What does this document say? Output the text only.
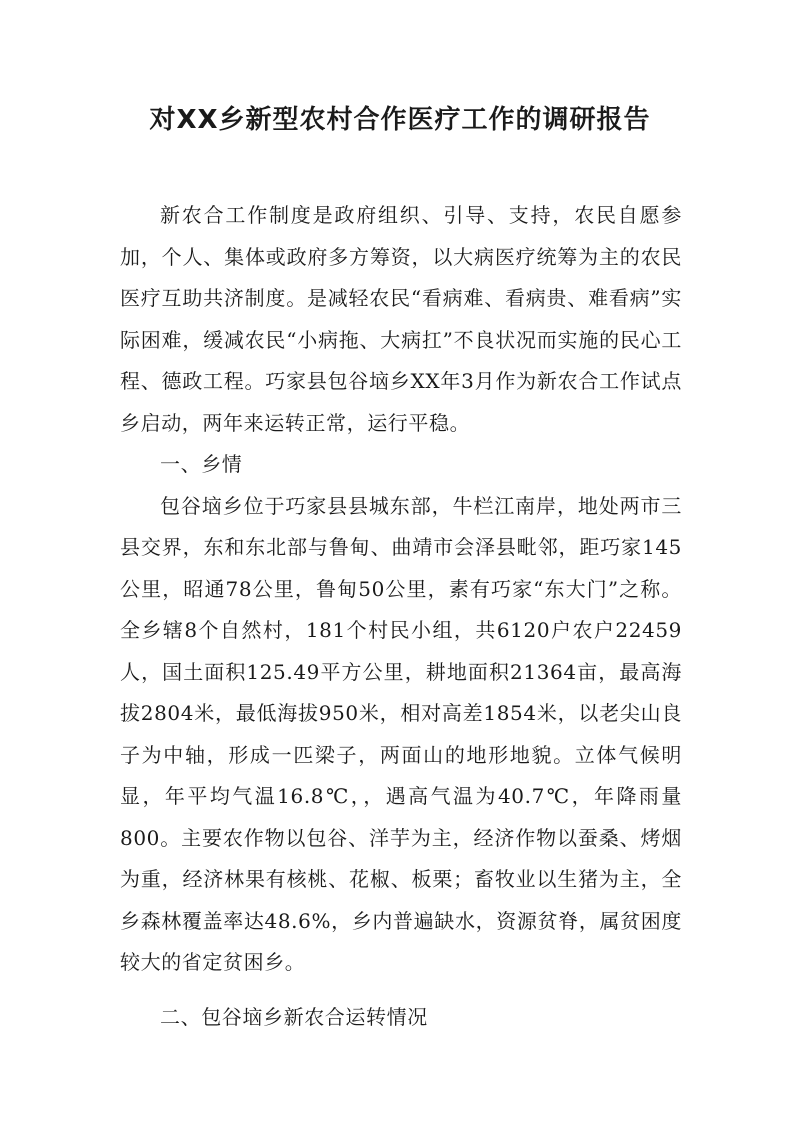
对XX乡新型农村合作医疗工作的调研报告

新农合工作制度是政府组织、引导、支持，农民自愿参加，个人、集体或政府多方筹资，以大病医疗统筹为主的农民医疗互助共济制度。是减轻农民“看病难、看病贵、难看病”实际困难，缓减农民“小病拖、大病扛”不良状况而实施的民心工程、德政工程。巧家县包谷垴乡XX年3月作为新农合工作试点乡启动，两年来运转正常，运行平稳。

一、乡情

包谷垴乡位于巧家县县城东部，牛栏江南岸，地处两市三县交界，东和东北部与鲁甸、曲靖市会泽县毗邻，距巧家145公里，昭通78公里，鲁甸50公里，素有巧家“东大门”之称。全乡辖8个自然村，181个村民小组，共6120户农户22459人，国土面积125.49平方公里，耕地面积21364亩，最高海拔2804米，最低海拔950米，相对高差1854米，以老尖山良子为中轴，形成一匹梁子，两面山的地形地貌。立体气候明显，年平均气温16.8℃，，遇高气温为40.7℃，年降雨量800。主要农作物以包谷、洋芋为主，经济作物以蚕桑、烤烟为重，经济林果有核桃、花椒、板栗；畜牧业以生猪为主，全乡森林覆盖率达48.6%，乡内普遍缺水，资源贫脊，属贫困度较大的省定贫困乡。

二、包谷垴乡新农合运转情况
